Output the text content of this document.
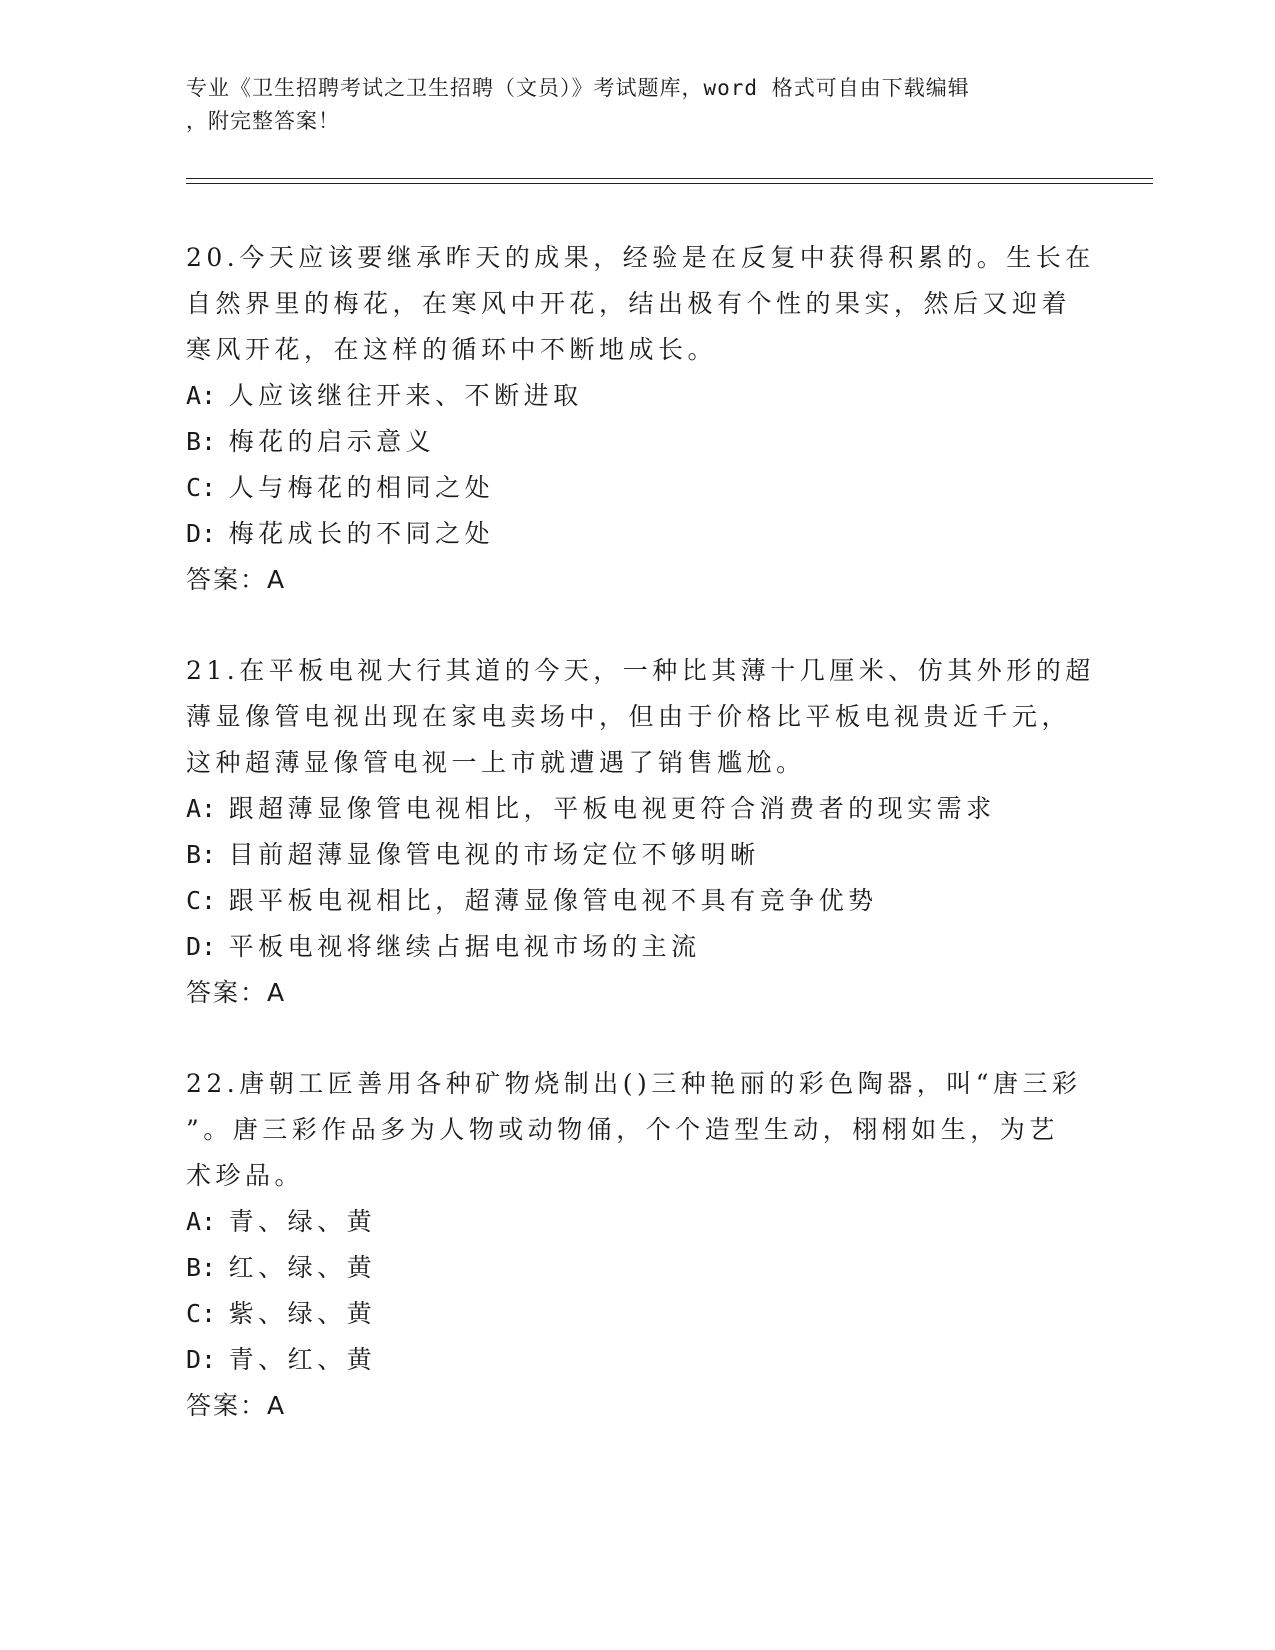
专业《卫生招聘考试之卫生招聘（文员）》考试题库，word 格式可自由下载编辑
，附完整答案！
20.今天应该要继承昨天的成果，经验是在反复中获得积累的。生长在
自然界里的梅花，在寒风中开花，结出极有个性的果实，然后又迎着
寒风开花，在这样的循环中不断地成长。
A: 人应该继往开来、不断进取
B: 梅花的启示意义
C: 人与梅花的相同之处
D: 梅花成长的不同之处
答案：A
21.在平板电视大行其道的今天，一种比其薄十几厘米、仿其外形的超
薄显像管电视出现在家电卖场中，但由于价格比平板电视贵近千元，
这种超薄显像管电视一上市就遭遇了销售尴尬。
A: 跟超薄显像管电视相比，平板电视更符合消费者的现实需求
B: 目前超薄显像管电视的市场定位不够明晰
C: 跟平板电视相比，超薄显像管电视不具有竞争优势
D: 平板电视将继续占据电视市场的主流
答案：A
22.唐朝工匠善用各种矿物烧制出()三种艳丽的彩色陶器，叫“唐三彩
”。唐三彩作品多为人物或动物俑，个个造型生动，栩栩如生，为艺
术珍品。
A: 青、绿、黄
B: 红、绿、黄
C: 紫、绿、黄
D: 青、红、黄
答案：A
